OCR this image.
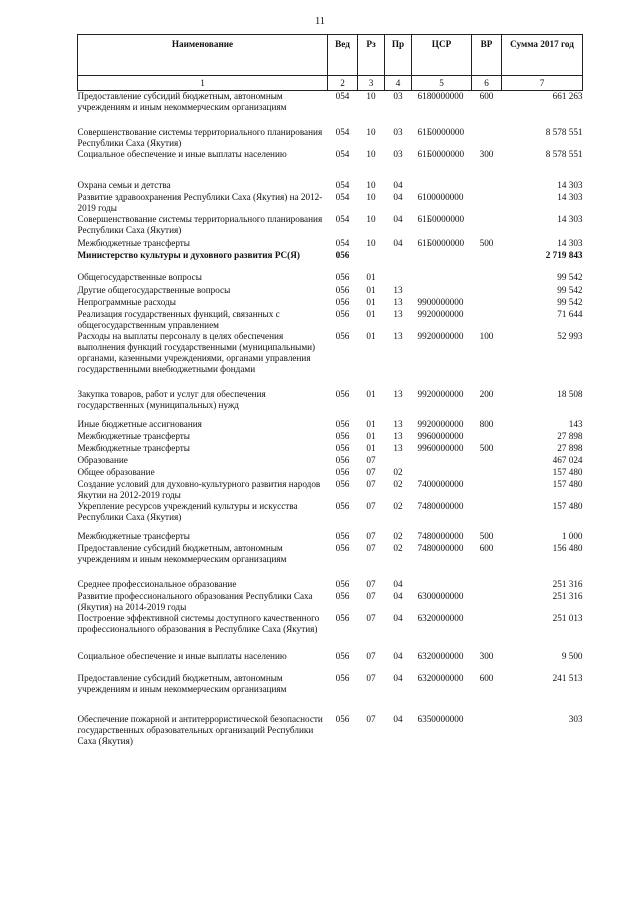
11
Наименование	Вед	Рз	Пр	ЦСР	ВР	Сумма 2017 год
1	2	3	4	5	6	7
Предоставление субсидий бюджетным, автономным учреждениям и иным некоммерческим организациям	054	10	03	6180000000	600	661 263
Совершенствование системы территориального планирования Республики Саха (Якутия)	054	10	03	61Б0000000		8 578 551
Социальное обеспечение и иные выплаты населению	054	10	03	61Б0000000	300	8 578 551
Охрана семьи и детства	054	10	04			14 303
Развитие здравоохранения Республики Саха (Якутия) на 2012-2019 годы	054	10	04	6100000000		14 303
Совершенствование системы территориального планирования Республики Саха (Якутия)	054	10	04	61Б0000000		14 303
Межбюджетные трансферты	054	10	04	61Б0000000	500	14 303
Министерство культуры и духовного развития РС(Я)	056					2 719 843
Общегосударственные вопросы	056	01				99 542
Другие общегосударственные вопросы	056	01	13			99 542
Непрограммные расходы	056	01	13	9900000000		99 542
Реализация государственных функций, связанных с общегосударственным управлением	056	01	13	9920000000		71 644
Расходы на выплаты персоналу в целях обеспечения выполнения функций государственными (муниципальными) органами, казенными учреждениями, органами управления государственными внебюджетными фондами	056	01	13	9920000000	100	52 993
Закупка товаров, работ и услуг для обеспечения государственных (муниципальных) нужд	056	01	13	9920000000	200	18 508
Иные бюджетные ассигнования	056	01	13	9920000000	800	143
Межбюджетные трансферты	056	01	13	9960000000		27 898
Межбюджетные трансферты	056	01	13	9960000000	500	27 898
Образование	056	07				467 024
Общее образование	056	07	02			157 480
Создание условий для духовно-культурного развития народов Якутии на 2012-2019 годы	056	07	02	7400000000		157 480
Укрепление ресурсов учреждений культуры и искусства Республики Саха (Якутия)	056	07	02	7480000000		157 480
Межбюджетные трансферты	056	07	02	7480000000	500	1 000
Предоставление субсидий бюджетным, автономным учреждениям и иным некоммерческим организациям	056	07	02	7480000000	600	156 480
Среднее профессиональное образование	056	07	04			251 316
Развитие профессионального образования Республики Саха (Якутия) на 2014-2019 годы	056	07	04	6300000000		251 316
Построение эффективной системы доступного качественного профессионального образования в Республике Саха (Якутия)	056	07	04	6320000000		251 013
Социальное обеспечение и иные выплаты населению	056	07	04	6320000000	300	9 500
Предоставление субсидий бюджетным, автономным учреждениям и иным некоммерческим организациям	056	07	04	6320000000	600	241 513
Обеспечение пожарной и антитеррористической безопасности государственных образовательных организаций Республики Саха (Якутия)	056	07	04	6350000000		303
